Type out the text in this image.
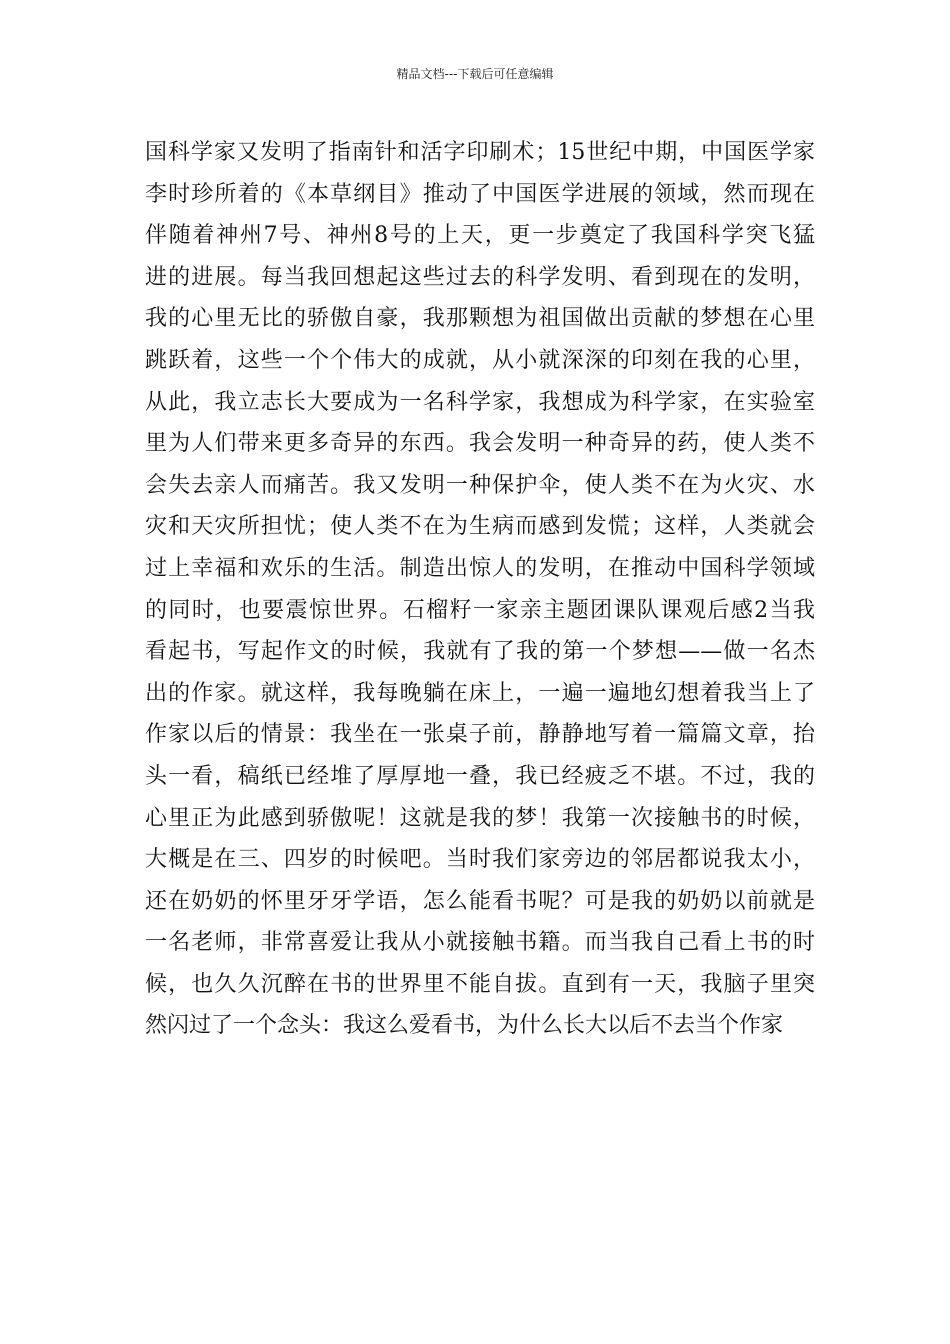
精品文档---下载后可任意编辑
国科学家又发明了指南针和活字印刷术；15世纪中期，中国医学家
李时珍所着的《本草纲目》推动了中国医学进展的领域，然而现在
伴随着神州7号、神州8号的上天，更一步奠定了我国科学突飞猛
进的进展。每当我回想起这些过去的科学发明、看到现在的发明，
我的心里无比的骄傲自豪，我那颗想为祖国做出贡献的梦想在心里
跳跃着，这些一个个伟大的成就，从小就深深的印刻在我的心里，
从此，我立志长大要成为一名科学家，我想成为科学家，在实验室
里为人们带来更多奇异的东西。我会发明一种奇异的药，使人类不
会失去亲人而痛苦。我又发明一种保护伞，使人类不在为火灾、水
灾和天灾所担忧；使人类不在为生病而感到发慌；这样，人类就会
过上幸福和欢乐的生活。制造出惊人的发明，在推动中国科学领域
的同时，也要震惊世界。石榴籽一家亲主题团课队课观后感2当我
看起书，写起作文的时候，我就有了我的第一个梦想——做一名杰
出的作家。就这样，我每晚躺在床上，一遍一遍地幻想着我当上了
作家以后的情景：我坐在一张桌子前，静静地写着一篇篇文章，抬
头一看，稿纸已经堆了厚厚地一叠，我已经疲乏不堪。不过，我的
心里正为此感到骄傲呢！这就是我的梦！我第一次接触书的时候，
大概是在三、四岁的时候吧。当时我们家旁边的邻居都说我太小，
还在奶奶的怀里牙牙学语，怎么能看书呢？可是我的奶奶以前就是
一名老师，非常喜爱让我从小就接触书籍。而当我自己看上书的时
候，也久久沉醉在书的世界里不能自拔。直到有一天，我脑子里突
然闪过了一个念头：我这么爱看书，为什么长大以后不去当个作家
